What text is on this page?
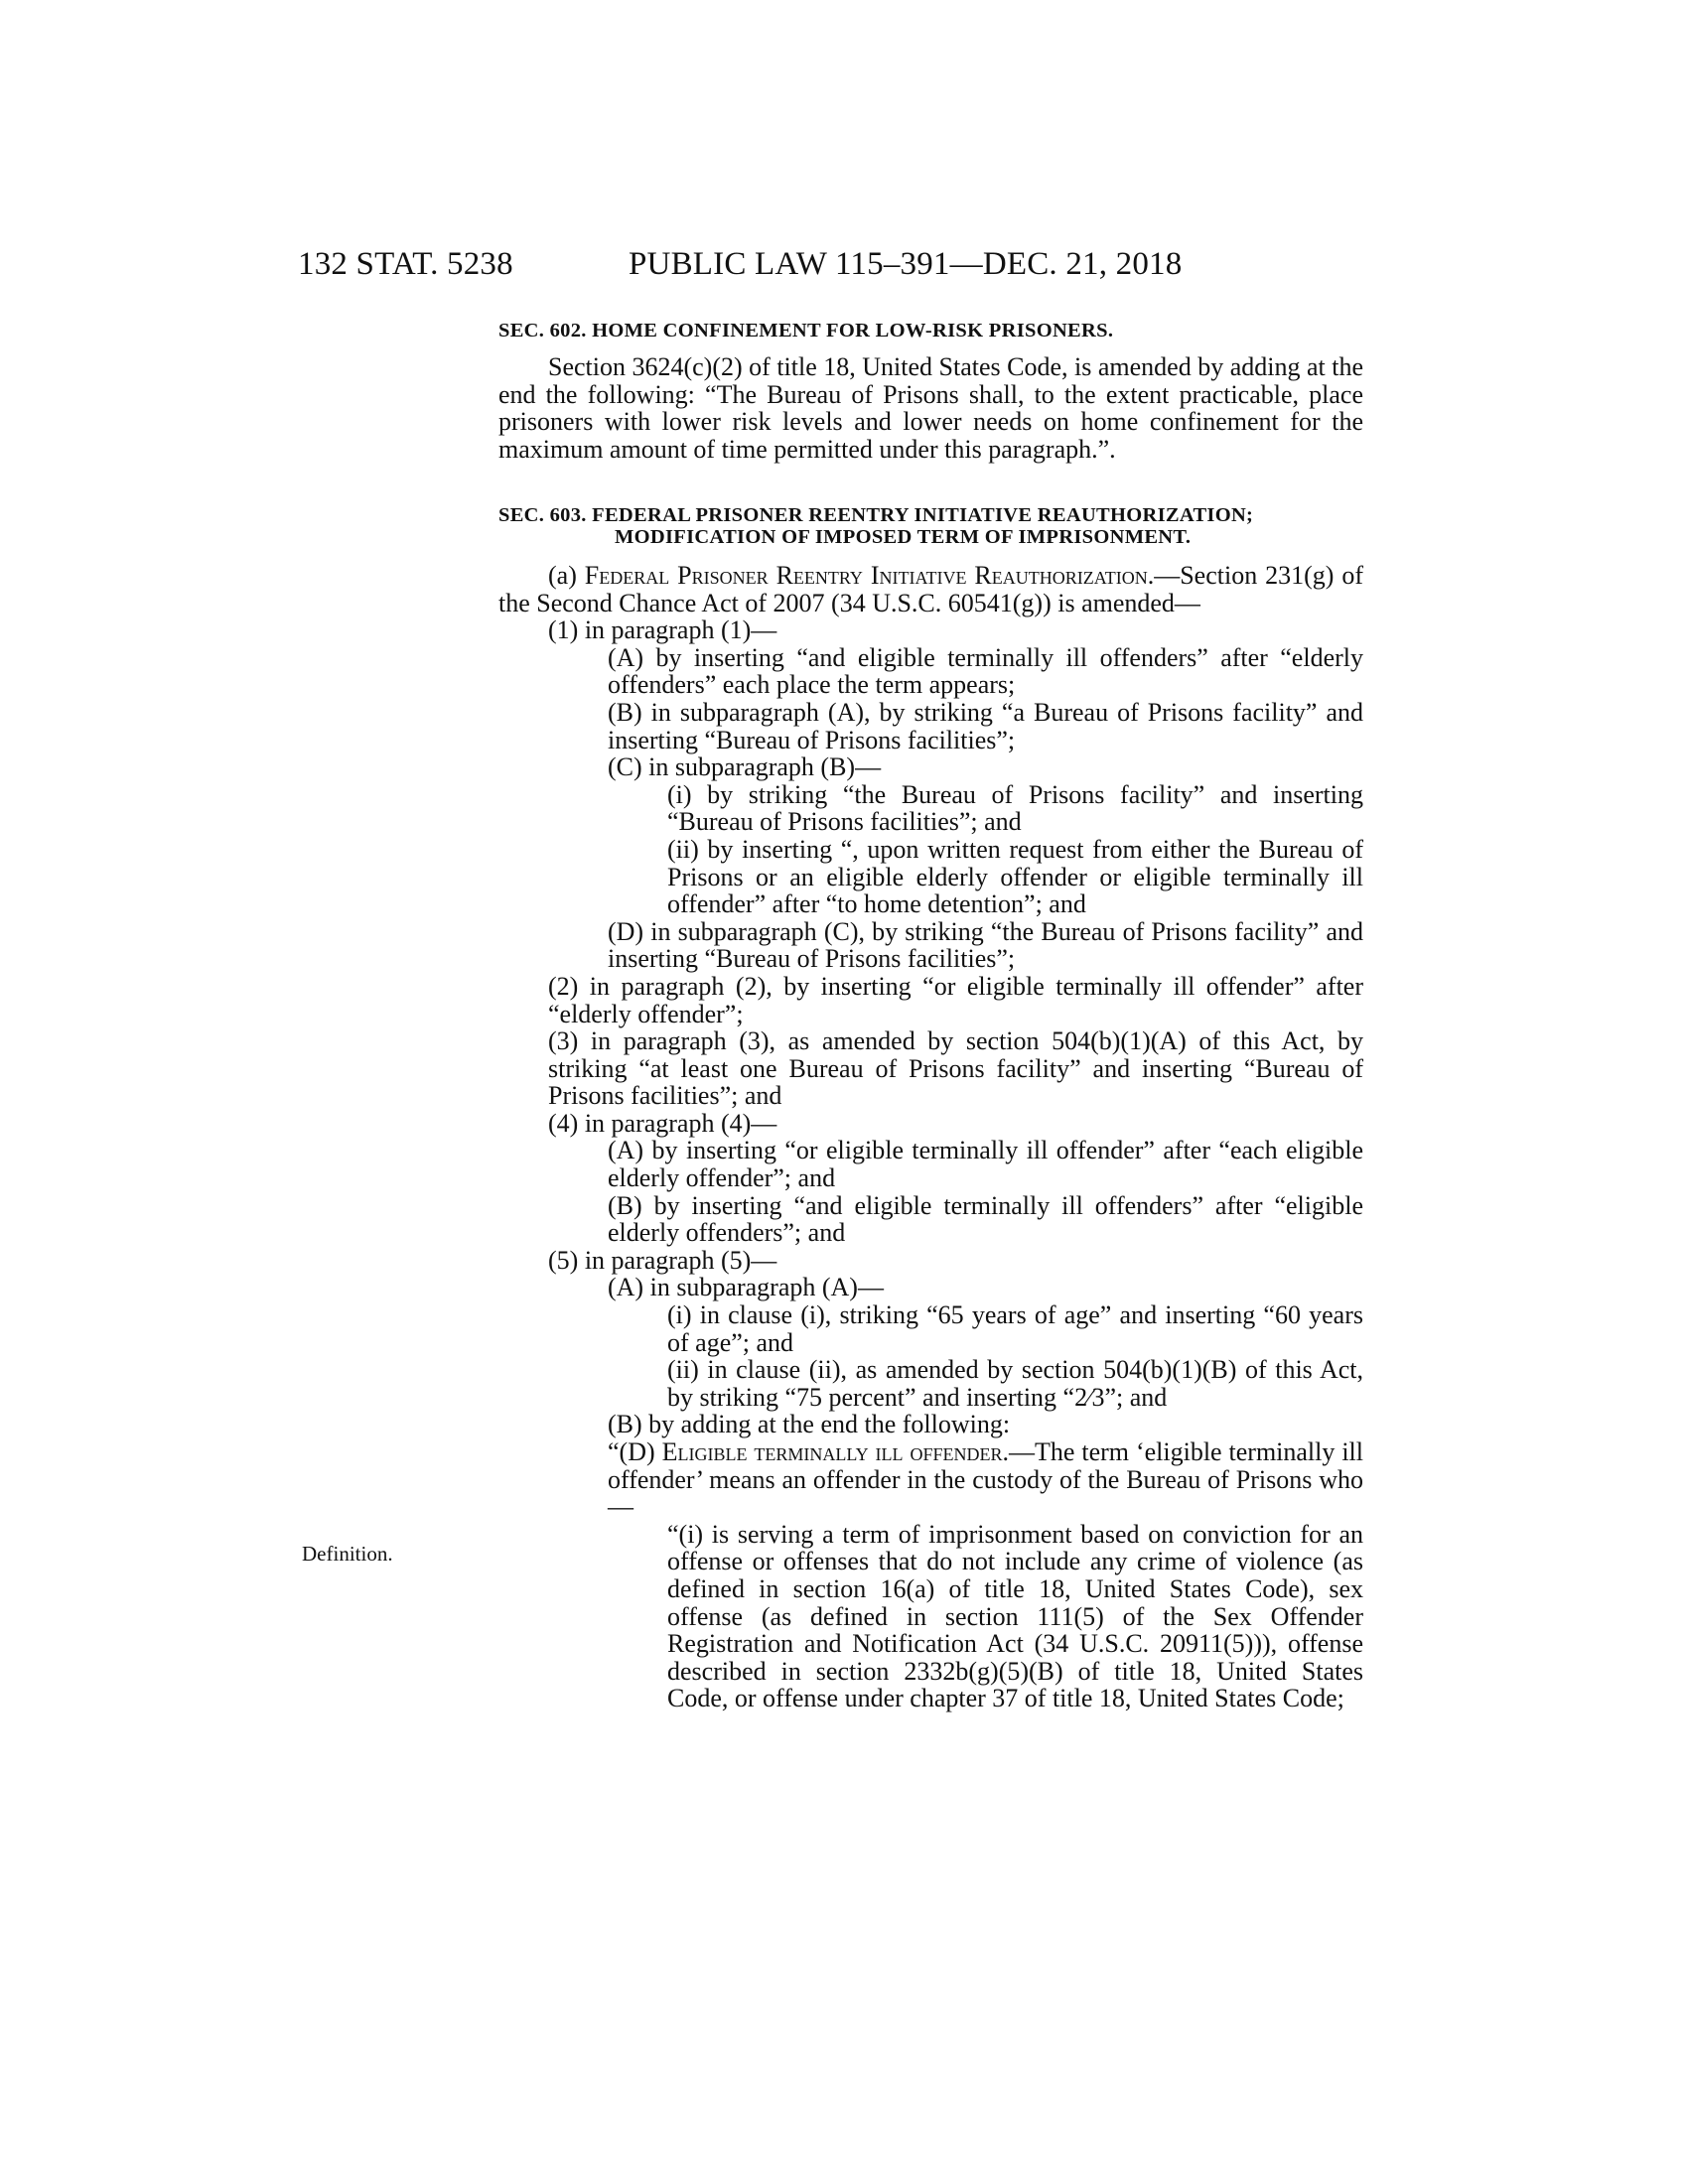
132 STAT. 5238	PUBLIC LAW 115–391—DEC. 21, 2018
Definition.

SEC. 602. HOME CONFINEMENT FOR LOW-RISK PRISONERS.

Section 3624(c)(2) of title 18, United States Code, is amended by adding at the end the following: “The Bureau of Prisons shall, to the extent practicable, place prisoners with lower risk levels and lower needs on home confinement for the maximum amount of time permitted under this paragraph.”.

SEC. 603. FEDERAL PRISONER REENTRY INITIATIVE REAUTHORIZATION; MODIFICATION OF IMPOSED TERM OF IMPRISONMENT.

(a) Federal Prisoner Reentry Initiative Reauthorization.—Section 231(g) of the Second Chance Act of 2007 (34 U.S.C. 60541(g)) is amended—

(1) in paragraph (1)—

(A) by inserting “and eligible terminally ill offenders” after “elderly offenders” each place the term appears;

(B) in subparagraph (A), by striking “a Bureau of Prisons facility” and inserting “Bureau of Prisons facilities”;

(C) in subparagraph (B)—

(i) by striking “the Bureau of Prisons facility” and inserting “Bureau of Prisons facilities”; and

(ii) by inserting “, upon written request from either the Bureau of Prisons or an eligible elderly offender or eligible terminally ill offender” after “to home detention”; and

(D) in subparagraph (C), by striking “the Bureau of Prisons facility” and inserting “Bureau of Prisons facilities”;

(2) in paragraph (2), by inserting “or eligible terminally ill offender” after “elderly offender”;

(3) in paragraph (3), as amended by section 504(b)(1)(A) of this Act, by striking “at least one Bureau of Prisons facility” and inserting “Bureau of Prisons facilities”; and

(4) in paragraph (4)—

(A) by inserting “or eligible terminally ill offender” after “each eligible elderly offender”; and

(B) by inserting “and eligible terminally ill offenders” after “eligible elderly offenders”; and

(5) in paragraph (5)—

(A) in subparagraph (A)—

(i) in clause (i), striking “65 years of age” and inserting “60 years of age”; and

(ii) in clause (ii), as amended by section 504(b)(1)(B) of this Act, by striking “75 percent” and inserting “2⁄3”; and

(B) by adding at the end the following:

“(D) Eligible terminally ill offender.—The term ‘eligible terminally ill offender’ means an offender in the custody of the Bureau of Prisons who—

“(i) is serving a term of imprisonment based on conviction for an offense or offenses that do not include any crime of violence (as defined in section 16(a) of title 18, United States Code), sex offense (as defined in section 111(5) of the Sex Offender Registration and Notification Act (34 U.S.C. 20911(5))), offense described in section 2332b(g)(5)(B) of title 18, United States Code, or offense under chapter 37 of title 18, United States Code;
